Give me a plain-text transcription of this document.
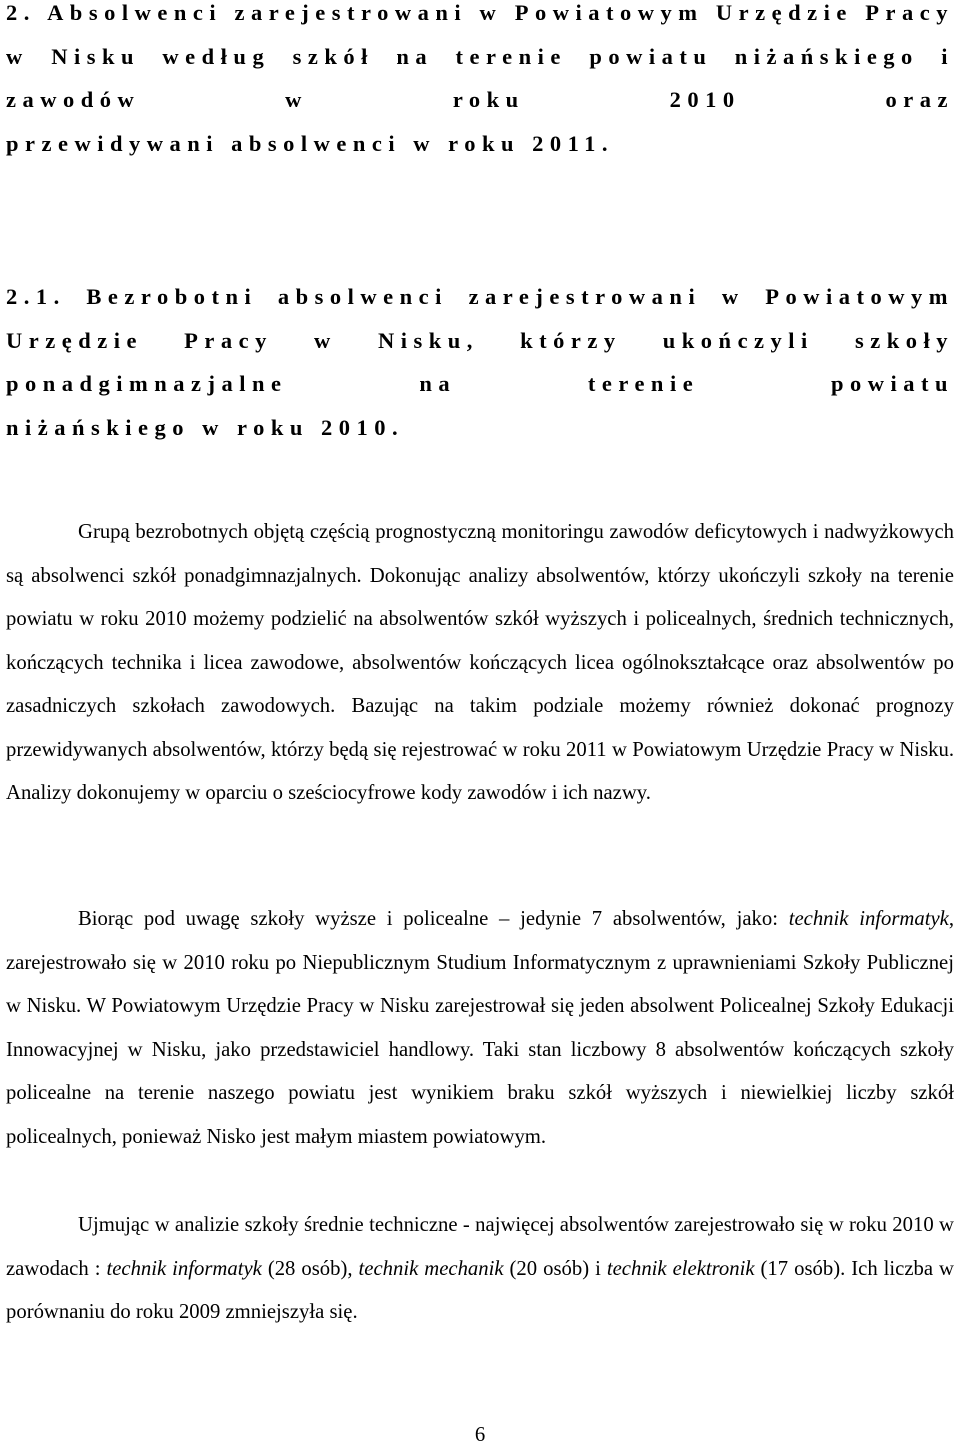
2. Absolwenci zarejestrowani w Powiatowym Urzędzie Pracy w Nisku według szkół na terenie powiatu niżańskiego i zawodów w roku 2010 oraz
przewidywani absolwenci w roku 2011.
2.1. Bezrobotni absolwenci zarejestrowani w Powiatowym Urzędzie Pracy w Nisku, którzy ukończyli szkoły ponadgimnazjalne na terenie powiatu
niżańskiego w roku 2010.

Grupą bezrobotnych objętą częścią prognostyczną monitoringu zawodów deficytowych i nadwyżkowych są absolwenci szkół ponadgimnazjalnych. Dokonując analizy absolwentów, którzy ukończyli szkoły na terenie powiatu w roku 2010 możemy podzielić na absolwentów szkół wyższych i policealnych, średnich technicznych, kończących technika i licea zawodowe, absolwentów kończących licea ogólnokształcące oraz absolwentów po zasadniczych szkołach zawodowych. Bazując na takim podziale możemy również dokonać prognozy przewidywanych absolwentów, którzy będą się rejestrować w roku 2011 w Powiatowym Urzędzie Pracy w Nisku. Analizy dokonujemy w oparciu o sześciocyfrowe kody zawodów i ich nazwy.

Biorąc pod uwagę szkoły wyższe i policealne – jedynie 7 absolwentów, jako: technik informatyk, zarejestrowało się w 2010 roku po Niepublicznym Studium Informatycznym z uprawnieniami Szkoły Publicznej w Nisku. W Powiatowym Urzędzie Pracy w Nisku zarejestrował się jeden absolwent Policealnej Szkoły Edukacji Innowacyjnej w Nisku, jako przedstawiciel handlowy. Taki stan liczbowy 8 absolwentów kończących szkoły policealne na terenie naszego powiatu jest wynikiem braku szkół wyższych i niewielkiej liczby szkół policealnych, ponieważ Nisko jest małym miastem powiatowym.

Ujmując w analizie szkoły średnie techniczne - najwięcej absolwentów zarejestrowało się w roku 2010 w zawodach : technik informatyk (28 osób), technik mechanik (20 osób) i technik elektronik (17 osób). Ich liczba w porównaniu do roku 2009 zmniejszyła się.

6
